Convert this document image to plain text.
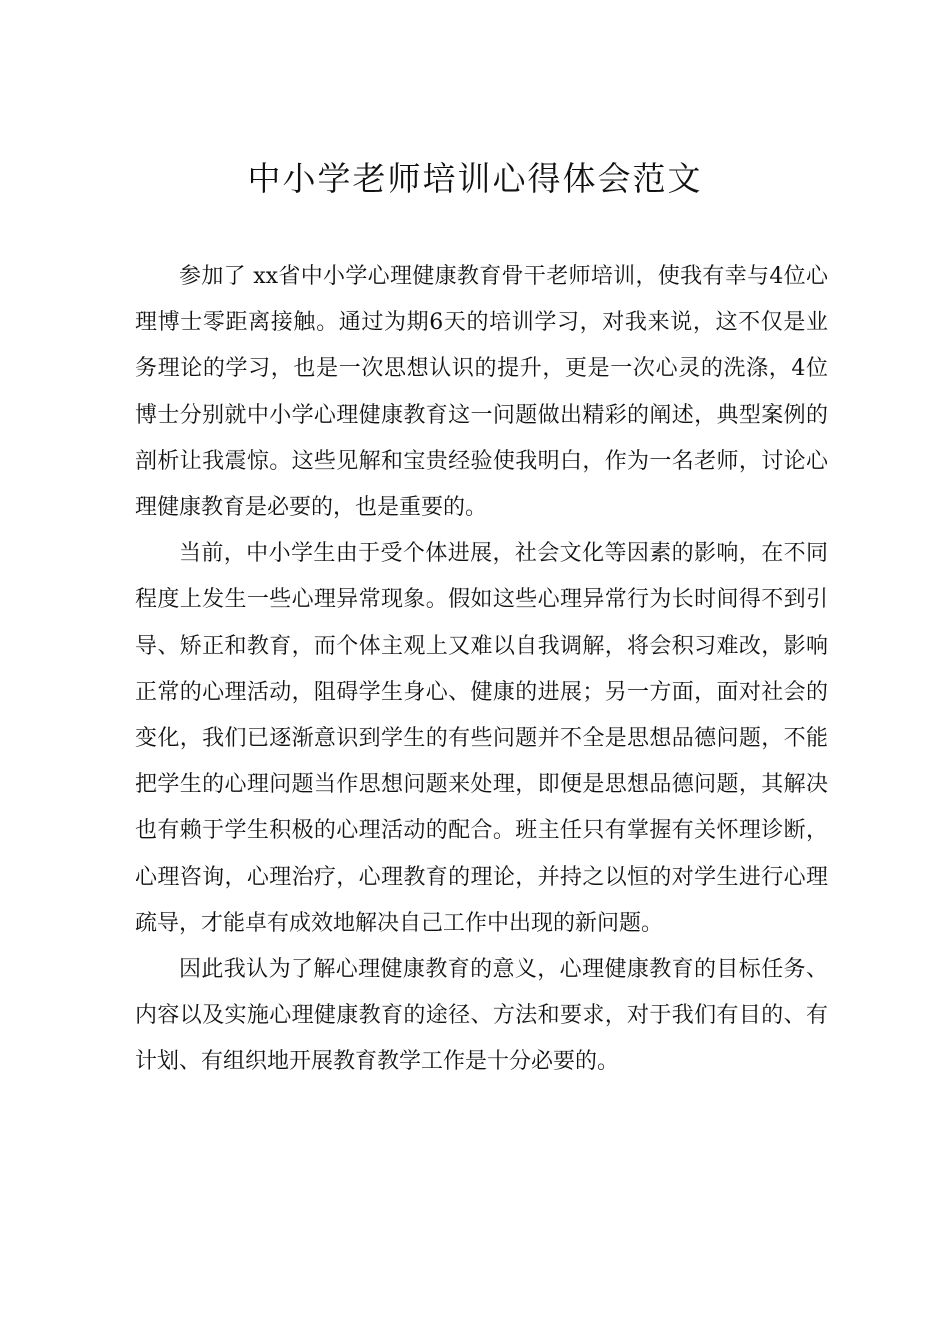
中小学老师培训心得体会范文

参加了 xx省中小学心理健康教育骨干老师培训，使我有幸与4位心理博士零距离接触。通过为期6天的培训学习，对我来说，这不仅是业务理论的学习，也是一次思想认识的提升，更是一次心灵的洗涤，4位博士分别就中小学心理健康教育这一问题做出精彩的阐述，典型案例的剖析让我震惊。这些见解和宝贵经验使我明白，作为一名老师，讨论心理健康教育是必要的，也是重要的。

当前，中小学生由于受个体进展，社会文化等因素的影响，在不同程度上发生一些心理异常现象。假如这些心理异常行为长时间得不到引导、矫正和教育，而个体主观上又难以自我调解，将会积习难改，影响正常的心理活动，阻碍学生身心、健康的进展；另一方面，面对社会的变化，我们已逐渐意识到学生的有些问题并不全是思想品德问题，不能把学生的心理问题当作思想问题来处理，即便是思想品德问题，其解决也有赖于学生积极的心理活动的配合。班主任只有掌握有关怀理诊断，心理咨询，心理治疗，心理教育的理论，并持之以恒的对学生进行心理疏导，才能卓有成效地解决自己工作中出现的新问题。

因此我认为了解心理健康教育的意义，心理健康教育的目标任务、内容以及实施心理健康教育的途径、方法和要求，对于我们有目的、有计划、有组织地开展教育教学工作是十分必要的。
